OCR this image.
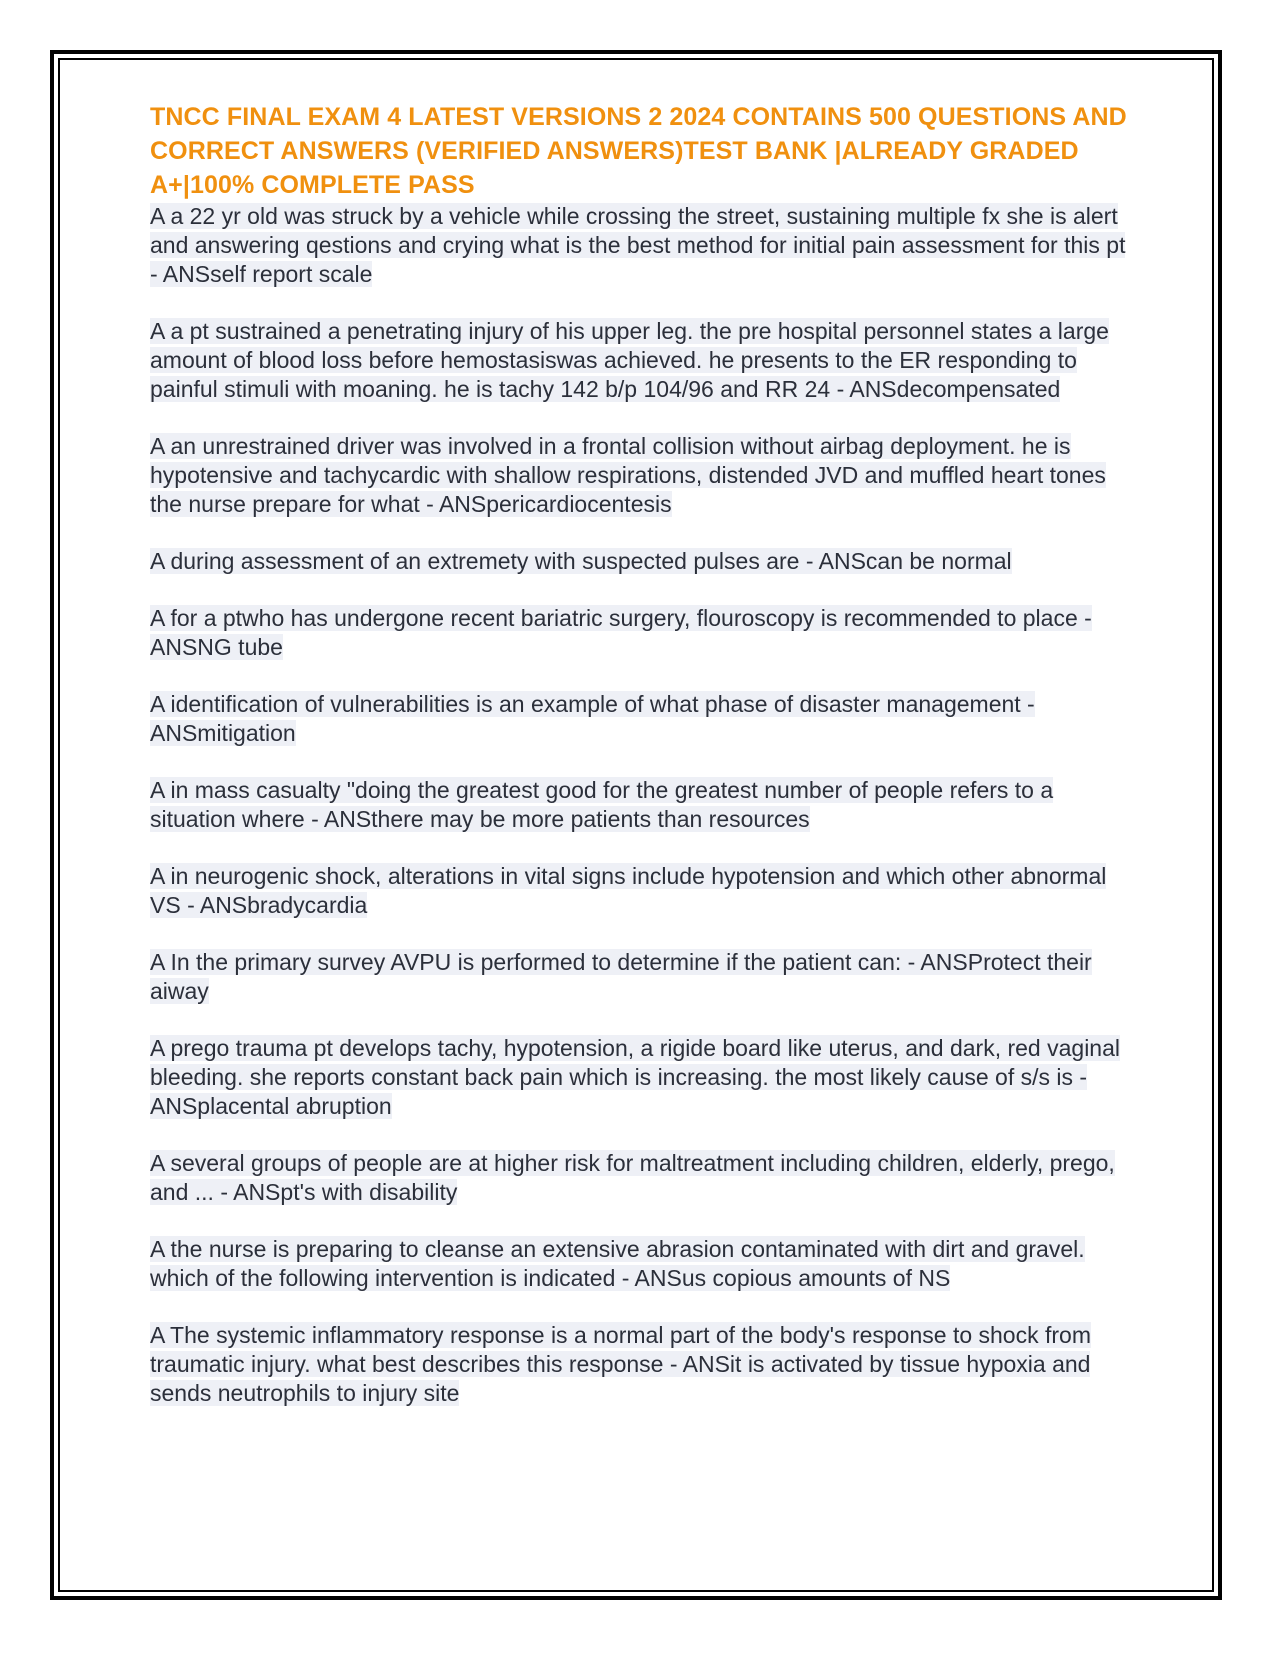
TNCC FINAL EXAM 4 LATEST VERSIONS 2 2024 CONTAINS 500 QUESTIONS AND CORRECT ANSWERS (VERIFIED ANSWERS)TEST BANK |ALREADY GRADED A+|100% COMPLETE PASS

A a 22 yr old was struck by a vehicle while crossing the street, sustaining multiple fx she is alert and answering qestions and crying what is the best method for initial pain assessment for this pt - ANSself report scale

A a pt sustrained a penetrating injury of his upper leg. the pre hospital personnel states a large amount of blood loss before hemostasiswas achieved. he presents to the ER responding to painful stimuli with moaning. he is tachy 142 b/p 104/96 and RR 24 - ANSdecompensated

A an unrestrained driver was involved in a frontal collision without airbag deployment. he is hypotensive and tachycardic with shallow respirations, distended JVD and muffled heart tones the nurse prepare for what - ANSpericardiocentesis

A during assessment of an extremety with suspected pulses are - ANScan be normal

A for a ptwho has undergone recent bariatric surgery, flouroscopy is recommended to place - ANSNG tube

A identification of vulnerabilities is an example of what phase of disaster management - ANSmitigation

A in mass casualty "doing the greatest good for the greatest number of people refers to a situation where - ANSthere may be more patients than resources

A in neurogenic shock, alterations in vital signs include hypotension and which other abnormal VS - ANSbradycardia

A In the primary survey AVPU is performed to determine if the patient can: - ANSProtect their aiway

A prego trauma pt develops tachy, hypotension, a rigide board like uterus, and dark, red vaginal bleeding. she reports constant back pain which is increasing. the most likely cause of s/s is - ANSplacental abruption

A several groups of people are at higher risk for maltreatment including children, elderly, prego, and ... - ANSpt's with disability

A the nurse is preparing to cleanse an extensive abrasion contaminated with dirt and gravel. which of the following intervention is indicated - ANSus copious amounts of NS

A The systemic inflammatory response is a normal part of the body's response to shock from traumatic injury. what best describes this response - ANSit is activated by tissue hypoxia and sends neutrophils to injury site
